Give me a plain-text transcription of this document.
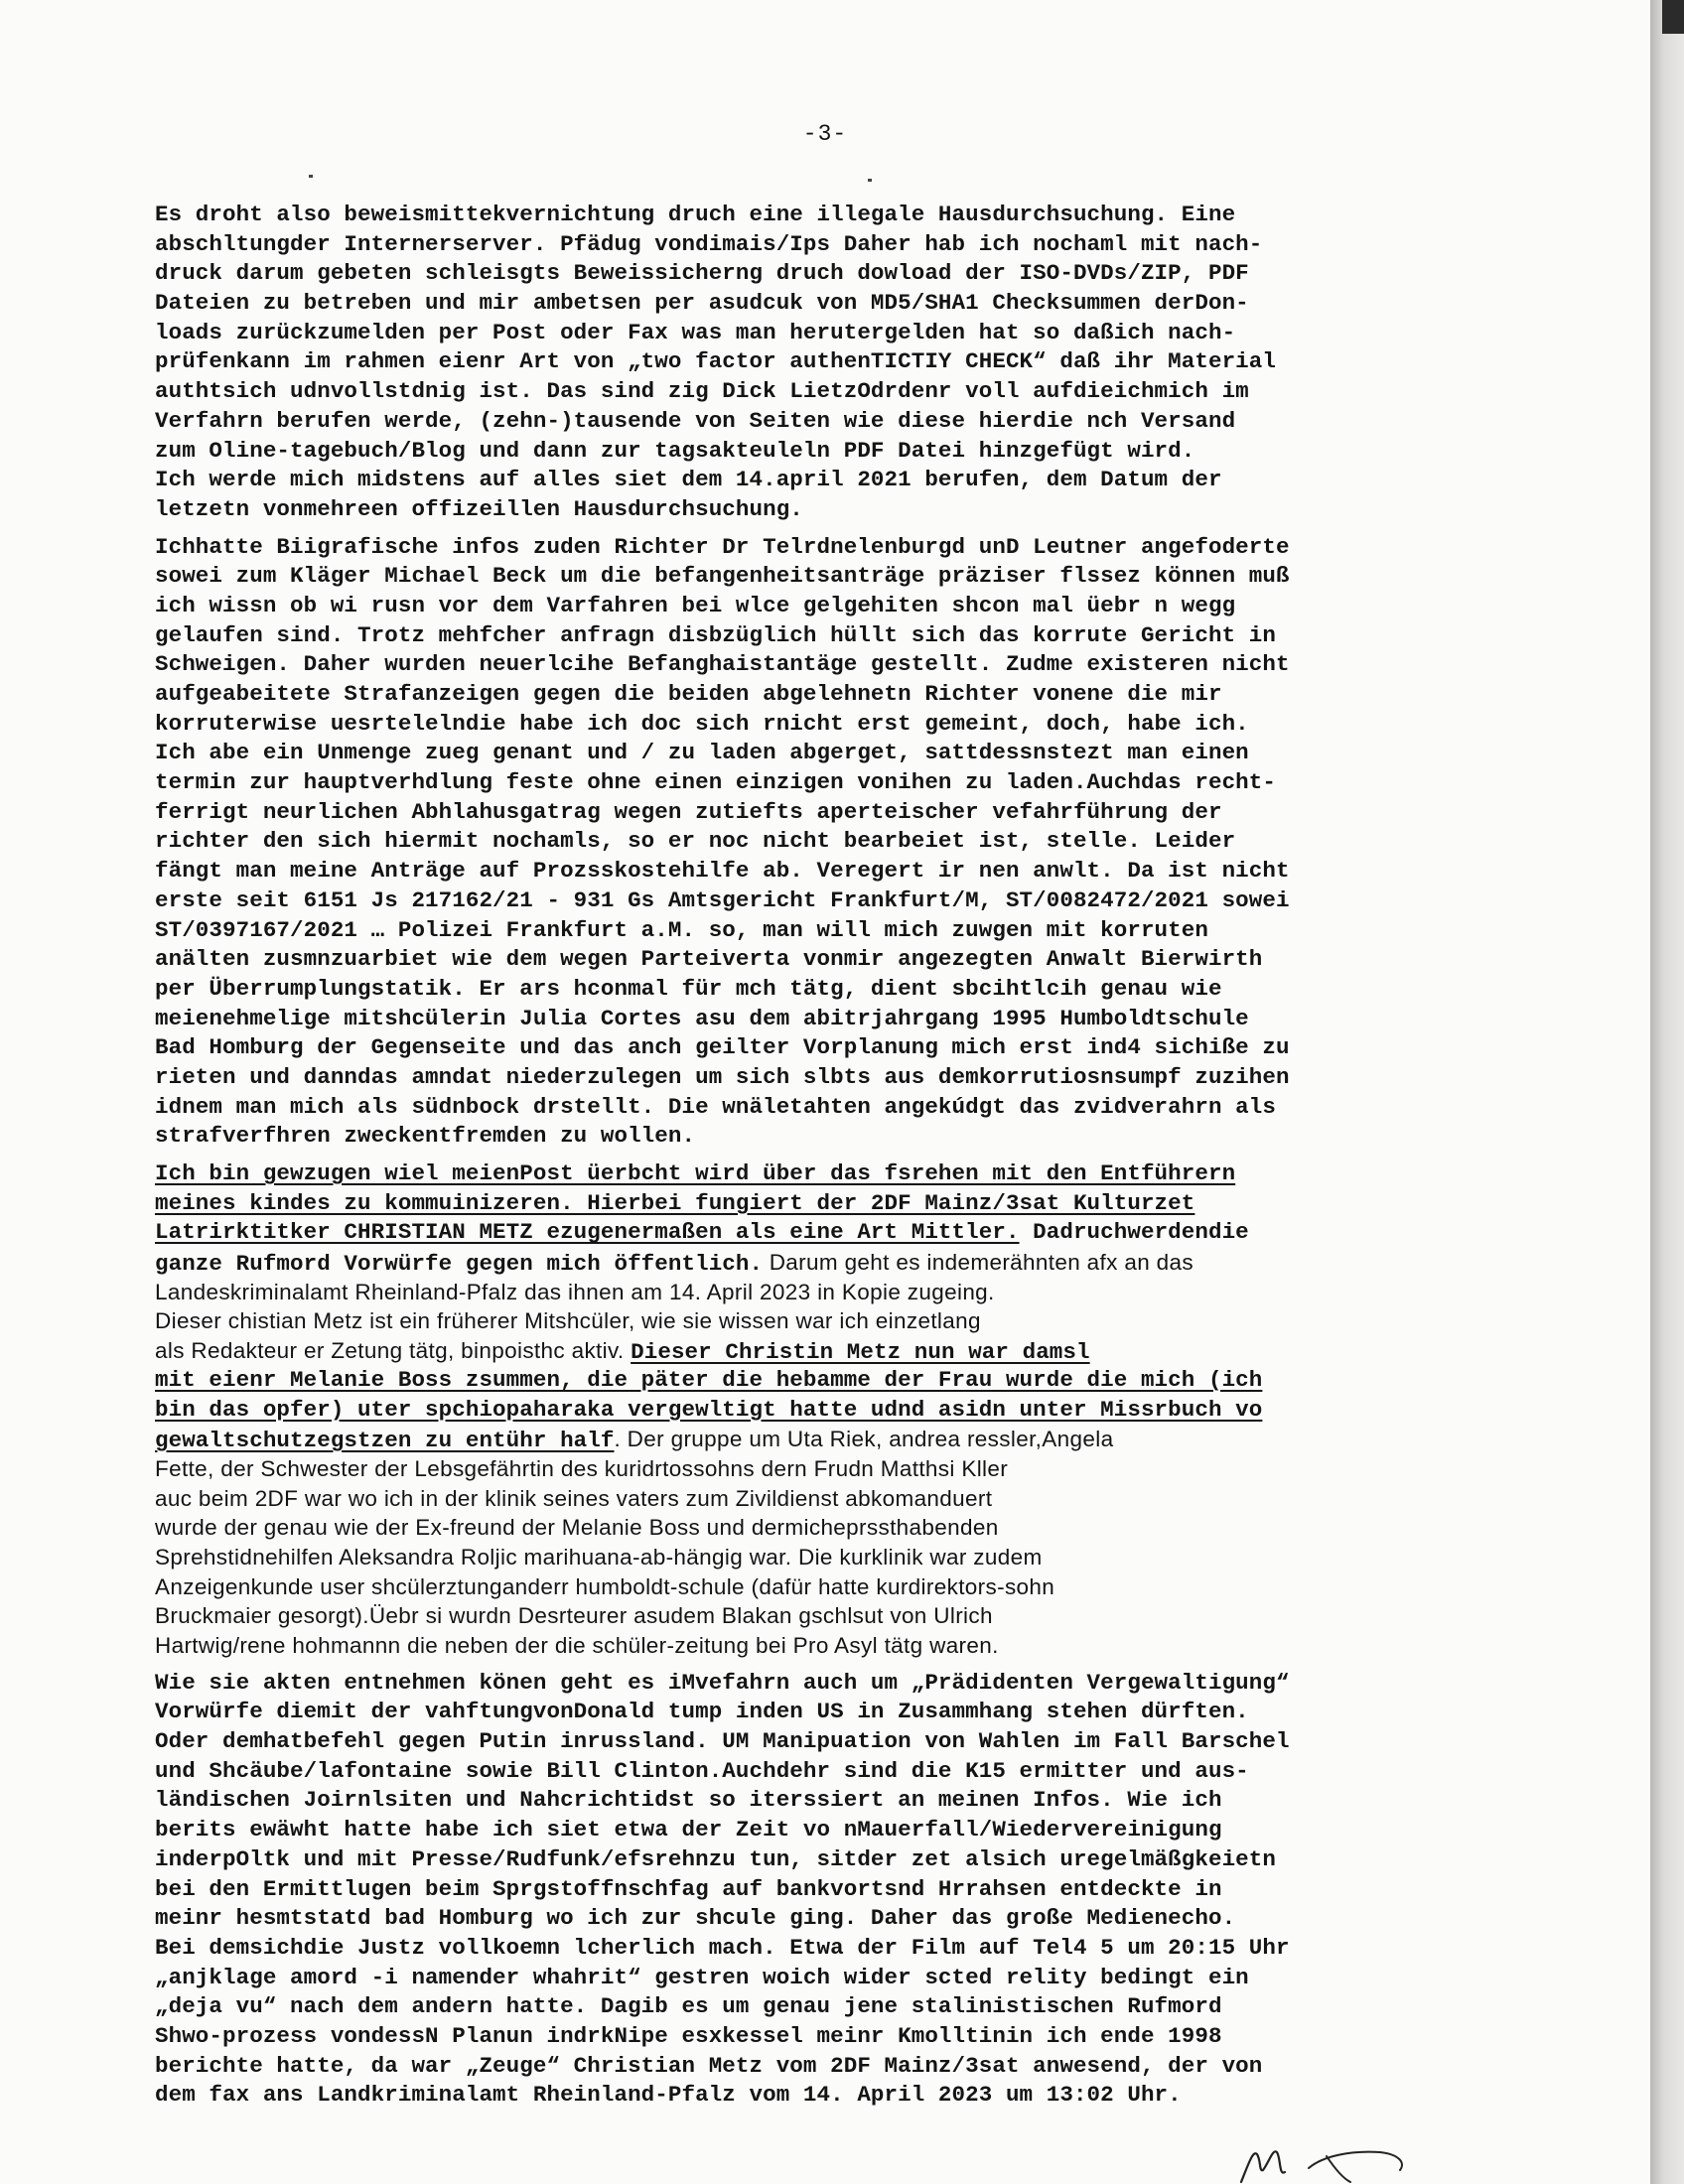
-3-
Es droht also beweismittekvernichtung druch eine illegale Hausdurchsuchung. Eine
abschltungder Internerserver. Pfädug vondimais/Ips Daher hab ich nochaml mit nach-
druck darum gebeten schleisgts Beweissicherng druch dowload der ISO-DVDs/ZIP, PDF
Dateien zu betreben und mir ambetsen per asudcuk von MD5/SHA1 Checksummen derDon-
loads zurückzumelden per Post oder Fax was man herutergelden hat so daßich nach-
prüfenkann im rahmen eienr Art von „two factor authenTICTIY CHECK“ daß ihr Material
authtsich udnvollstdnig ist. Das sind zig Dick LietzOdrdenr voll aufdieichmich im
Verfahrn berufen werde, (zehn-)tausende von Seiten wie diese hierdie nch Versand
zum Oline-tagebuch/Blog und dann zur tagsakteuleln PDF Datei hinzgefügt wird.
Ich werde mich midstens auf alles siet dem 14.april 2021 berufen, dem Datum der
letzetn vonmehreen offizeillen Hausdurchsuchung.
Ichhatte Biigrafische infos zuden Richter Dr Telrdnelenburgd unD Leutner angefoderte
sowei zum Kläger Michael Beck um die befangenheitsanträge präziser flssez können muß
ich wissn ob wi rusn vor dem Varfahren bei wlce gelgehiten shcon mal üebr n wegg
gelaufen sind. Trotz mehfcher anfragn disbzüglich hüllt sich das korrute Gericht in
Schweigen. Daher wurden neuerlcihe Befanghaistantäge gestellt. Zudme existeren nicht
aufgeabeitete Strafanzeigen gegen die beiden abgelehnetn Richter vonene die mir
korruterwise uesrtelelndie habe ich doc sich rnicht erst gemeint, doch, habe ich.
Ich abe ein Unmenge zueg genant und / zu laden abgerget, sattdessnstezt man einen
termin zur hauptverhdlung feste ohne einen einzigen vonihen zu laden.Auchdas recht-
ferrigt neurlichen Abhlahusgatrag wegen zutiefts aperteischer vefahrführung der
richter den sich hiermit nochamls, so er noc nicht bearbeiet ist, stelle. Leider
fängt man meine Anträge auf Prozsskostehilfe ab. Veregert ir nen anwlt. Da ist nicht
erste seit 6151 Js 217162/21 - 931 Gs Amtsgericht Frankfurt/M, ST/0082472/2021 sowei
ST/0397167/2021 … Polizei Frankfurt a.M. so, man will mich zuwgen mit korruten
anälten zusmnzuarbiet wie dem wegen Parteiverta vonmir angezegten Anwalt Bierwirth
per Überrumplungstatik. Er ars hconmal für mch tätg, dient sbcihtlcih genau wie
meienehmelige mitshcülerin Julia Cortes asu dem abitrjahrgang 1995 Humboldtschule
Bad Homburg der Gegenseite und das anch geilter Vorplanung mich erst ind4 sichiße zu
rieten und danndas amndat niederzulegen um sich slbts aus demkorrutiosnsumpf zuzihen
idnem man mich als südnbock drstellt. Die wnäletahten angekúdgt das zvidverahrn als
strafverfhren zweckentfremden zu wollen.
Ich bin gewzugen wiel meienPost üerbcht wird über das fsrehen mit den Entführern
meines kindes zu kommuinizeren. Hierbei fungiert der 2DF Mainz/3sat Kulturzet
Latrirktitker CHRISTIAN METZ ezugenermaßen als eine Art Mittler. Dadruchwerdendie
ganze Rufmord Vorwürfe gegen mich öffentlich. Darum geht es indemerähnten afx an das
Landeskriminalamt Rheinland-Pfalz das ihnen am 14. April 2023 in Kopie zugeing.
Dieser chistian Metz ist ein früherer Mitshcüler, wie sie wissen war ich einzetlang
als Redakteur er Zetung tätg, binpoisthc aktiv. Dieser Christin Metz nun war damsl
mit eienr Melanie Boss zsummen, die päter die hebamme der Frau wurde die mich (ich
bin das opfer) uter spchiopaharaka vergewltigt hatte udnd asidn unter Missrbuch vo
gewaltschutzegstzen zu entühr half. Der gruppe um Uta Riek, andrea ressler,Angela
Fette, der Schwester der Lebsgefährtin des kuridrtossohns dern Frudn Matthsi Kller
auc beim 2DF war wo ich in der klinik seines vaters zum Zivildienst abkomanduert
wurde der genau wie der Ex-freund der Melanie Boss und dermicheprssthabenden
Sprehstidnehilfen Aleksandra Roljic marihuana-ab-hängig war. Die kurklinik war zudem
Anzeigenkunde user shcülerztunganderr humboldt-schule (dafür hatte kurdirektors-sohn
Bruckmaier gesorgt).Üebr si wurdn Desrteurer asudem Blakan gschlsut von Ulrich
Hartwig/rene hohmannn die neben der die schüler-zeitung bei Pro Asyl tätg waren.
Wie sie akten entnehmen könen geht es iMvefahrn auch um „Prädidenten Vergewaltigung“
Vorwürfe diemit der vahftungvonDonald tump inden US in Zusammhang stehen dürften.
Oder demhatbefehl gegen Putin inrussland. UM Manipuation von Wahlen im Fall Barschel
und Shcäube/lafontaine sowie Bill Clinton.Auchdehr sind die K15 ermitter und aus-
ländischen Joirnlsiten und Nahcrichtidst so iterssiert an meinen Infos. Wie ich
berits ewäwht hatte habe ich siet etwa der Zeit vo nMauerfall/Wiedervereinigung
inderpOltk und mit Presse/Rudfunk/efsrehnzu tun, sitder zet alsich uregelmäßgkeietn
bei den Ermittlugen beim Sprgstoffnschfag auf bankvortsnd Hrrahsen entdeckte in
meinr hesmtstatd bad Homburg wo ich zur shcule ging. Daher das große Medienecho.
Bei demsichdie Justz vollkoemn lcherlich mach. Etwa der Film auf Tel4 5 um 20:15 Uhr
„anjklage amord -i namender whahrit“ gestren woich wider scted relity bedingt ein
„deja vu“ nach dem andern hatte. Dagib es um genau jene stalinistischen Rufmord
Shwo-prozess vondessN Planun indrkNipe esxkessel meinr Kmolltinin ich ende 1998
berichte hatte, da war „Zeuge“ Christian Metz vom 2DF Mainz/3sat anwesend, der von
dem fax ans Landkriminalamt Rheinland-Pfalz vom 14. April 2023 um 13:02 Uhr.
